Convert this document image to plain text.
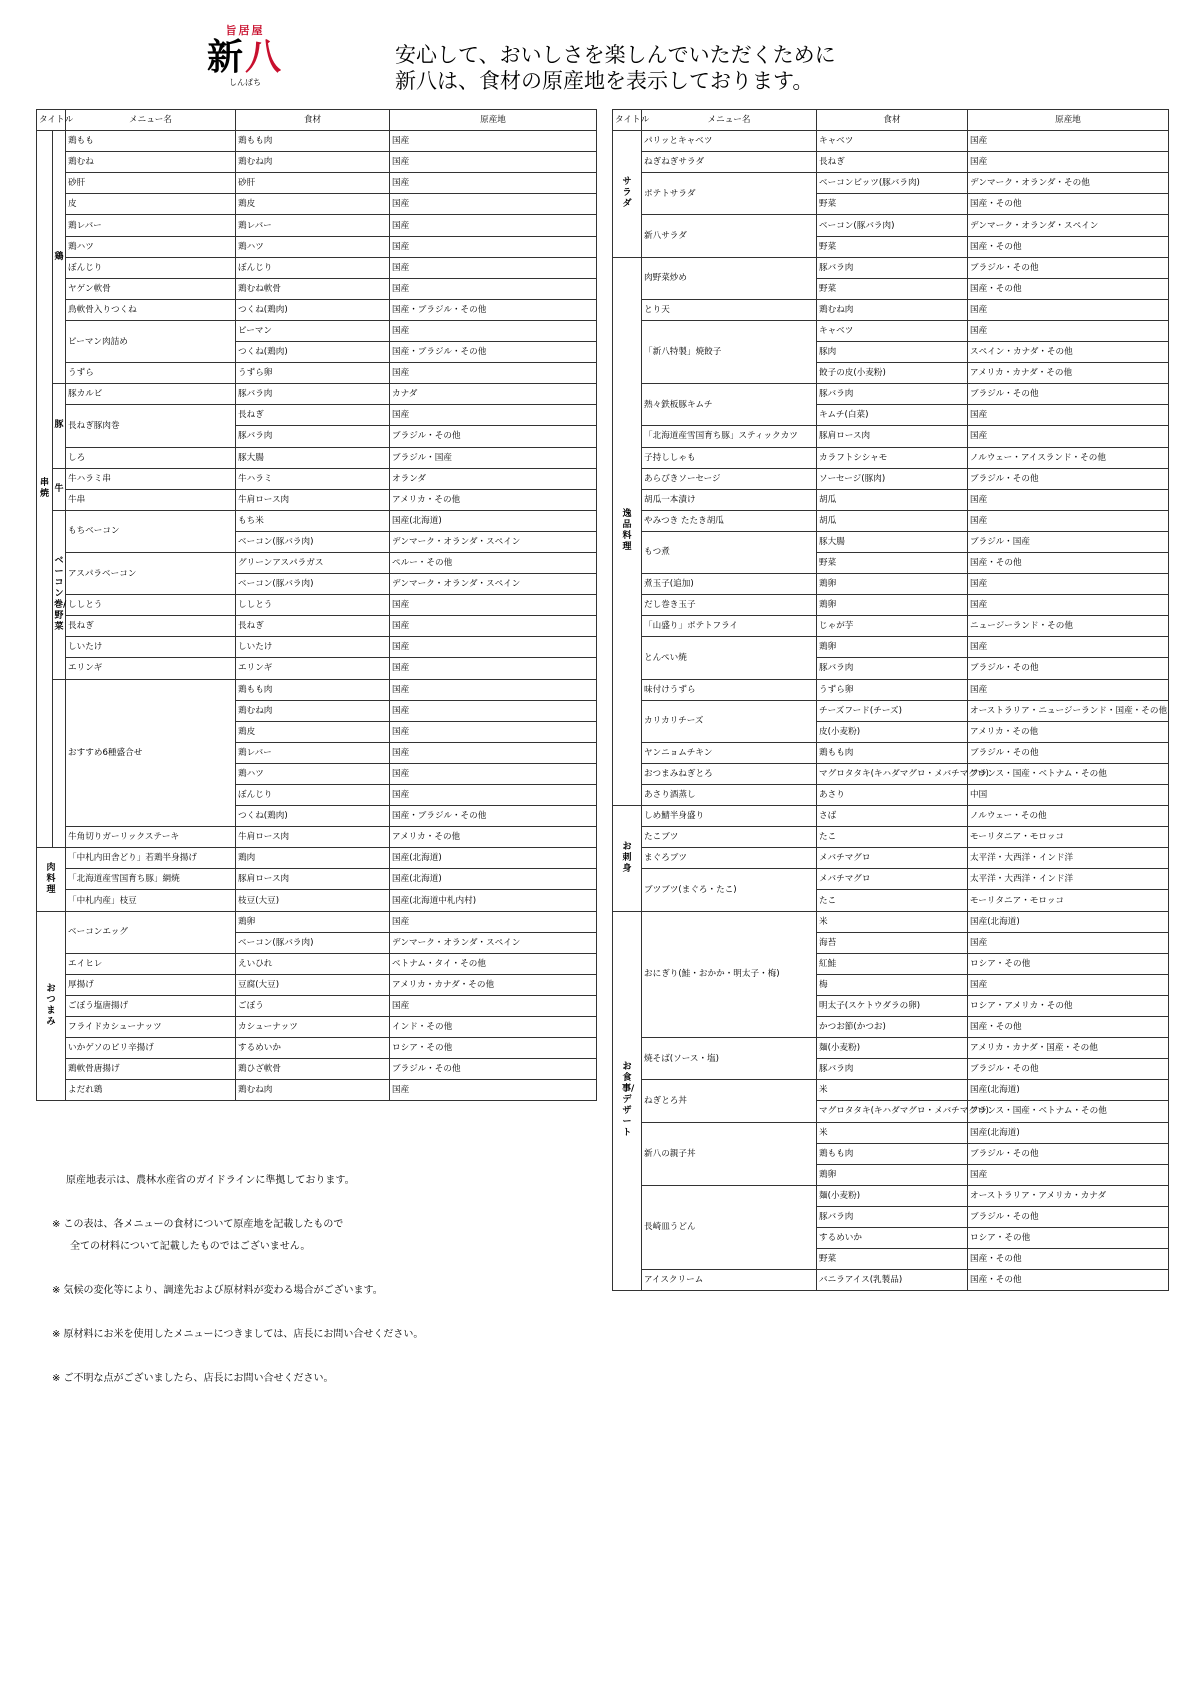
旨居屋
新八
しんぱち
安心して、おいしさを楽しんでいただくために
新八は、食材の原産地を表示しております。
タイトル		メニュー名	食材	原産地
串焼	鶏	鶏もも	鶏もも肉	国産
		鶏むね	鶏むね肉	国産
		砂肝	砂肝	国産
		皮	鶏皮	国産
		鶏レバー	鶏レバー	国産
		鶏ハツ	鶏ハツ	国産
		ぼんじり	ぼんじり	国産
		ヤゲン軟骨	鶏むね軟骨	国産
		鳥軟骨入りつくね	つくね(鶏肉)	国産・ブラジル・その他
		ピーマン肉詰め	ピーマン	国産
			つくね(鶏肉)	国産・ブラジル・その他
		うずら	うずら卵	国産
	豚	豚カルビ	豚バラ肉	カナダ
		長ねぎ豚肉巻	長ねぎ	国産
			豚バラ肉	ブラジル・その他
		しろ	豚大腸	ブラジル・国産
	牛	牛ハラミ串	牛ハラミ	オランダ
		牛串	牛肩ロース肉	アメリカ・その他
	ベーコン巻/野菜	もちベーコン	もち米	国産(北海道)
			ベーコン(豚バラ肉)	デンマーク・オランダ・スペイン
		アスパラベーコン	グリーンアスパラガス	ペルー・その他
			ベーコン(豚バラ肉)	デンマーク・オランダ・スペイン
		ししとう	ししとう	国産
		長ねぎ	長ねぎ	国産
		しいたけ	しいたけ	国産
		エリンギ	エリンギ	国産
		おすすめ6種盛合せ	鶏もも肉	国産
			鶏むね肉	国産
			鶏皮	国産
			鶏レバー	国産
			鶏ハツ	国産
			ぼんじり	国産
			つくね(鶏肉)	国産・ブラジル・その他
		牛角切りガーリックステーキ	牛肩ロース肉	アメリカ・その他
肉料理		「中札内田舎どり」若鶏半身揚げ	鶏肉	国産(北海道)
		「北海道産雪国育ち豚」網焼	豚肩ロース肉	国産(北海道)
		「中札内産」枝豆	枝豆(大豆)	国産(北海道中札内村)
おつまみ		ベーコンエッグ	鶏卵	国産
			ベーコン(豚バラ肉)	デンマーク・オランダ・スペイン
		エイヒレ	えいひれ	ベトナム・タイ・その他
		厚揚げ	豆腐(大豆)	アメリカ・カナダ・その他
		ごぼう塩唐揚げ	ごぼう	国産
		フライドカシューナッツ	カシューナッツ	インド・その他
		いかゲソのピリ辛揚げ	するめいか	ロシア・その他
		鶏軟骨唐揚げ	鶏ひざ軟骨	ブラジル・その他
		よだれ鶏	鶏むね肉	国産
タイトル	メニュー名	食材	原産地
サラダ	パリッとキャベツ	キャベツ	国産
	ねぎねぎサラダ	長ねぎ	国産
	ポテトサラダ	ベーコンビッツ(豚バラ肉)	デンマーク・オランダ・その他
		野菜	国産・その他
	新八サラダ	ベーコン(豚バラ肉)	デンマーク・オランダ・スペイン
		野菜	国産・その他
逸品料理	肉野菜炒め	豚バラ肉	ブラジル・その他
		野菜	国産・その他
	とり天	鶏むね肉	国産
	「新八特製」焼餃子	キャベツ	国産
		豚肉	スペイン・カナダ・その他
		餃子の皮(小麦粉)	アメリカ・カナダ・その他
	熱々鉄板豚キムチ	豚バラ肉	ブラジル・その他
		キムチ(白菜)	国産
	「北海道産雪国育ち豚」スティックカツ	豚肩ロース肉	国産
	子持ししゃも	カラフトシシャモ	ノルウェー・アイスランド・その他
	あらびきソーセージ	ソーセージ(豚肉)	ブラジル・その他
	胡瓜一本漬け	胡瓜	国産
	やみつき たたき胡瓜	胡瓜	国産
	もつ煮	豚大腸	ブラジル・国産
		野菜	国産・その他
	煮玉子(追加)	鶏卵	国産
	だし巻き玉子	鶏卵	国産
	「山盛り」ポテトフライ	じゃが芋	ニュージーランド・その他
	とんぺい焼	鶏卵	国産
		豚バラ肉	ブラジル・その他
	味付けうずら	うずら卵	国産
	カリカリチーズ	チーズフード(チーズ)	オーストラリア・ニュージーランド・国産・その他
		皮(小麦粉)	アメリカ・その他
	ヤンニョムチキン	鶏もも肉	ブラジル・その他
	おつまみねぎとろ	マグロタタキ(キハダマグロ・メバチマグロ)	フランス・国産・ベトナム・その他
	あさり酒蒸し	あさり	中国
お刺身	しめ鯖半身盛り	さば	ノルウェー・その他
	たこブツ	たこ	モーリタニア・モロッコ
	まぐろブツ	メバチマグロ	太平洋・大西洋・インド洋
	ブツブツ(まぐろ・たこ)	メバチマグロ	太平洋・大西洋・インド洋
		たこ	モーリタニア・モロッコ
お食事/デザート	おにぎり(鮭・おかか・明太子・梅)	米	国産(北海道)
		海苔	国産
		紅鮭	ロシア・その他
		梅	国産
		明太子(スケトウダラの卵)	ロシア・アメリカ・その他
		かつお節(かつお)	国産・その他
	焼そば(ソース・塩)	麺(小麦粉)	アメリカ・カナダ・国産・その他
		豚バラ肉	ブラジル・その他
	ねぎとろ丼	米	国産(北海道)
		マグロタタキ(キハダマグロ・メバチマグロ)	フランス・国産・ベトナム・その他
	新八の親子丼	米	国産(北海道)
		鶏もも肉	ブラジル・その他
		鶏卵	国産
	長崎皿うどん	麺(小麦粉)	オーストラリア・アメリカ・カナダ
		豚バラ肉	ブラジル・その他
		するめいか	ロシア・その他
		野菜	国産・その他
	アイスクリーム	バニラアイス(乳製品)	国産・その他
原産地表示は、農林水産省のガイドラインに準拠しております。
※ この表は、各メニューの食材について原産地を記載したもので
全ての材料について記載したものではございません。
※ 気候の変化等により、調達先および原材料が変わる場合がございます。
※ 原材料にお米を使用したメニューにつきましては、店長にお問い合せください。
※ ご不明な点がございましたら、店長にお問い合せください。
